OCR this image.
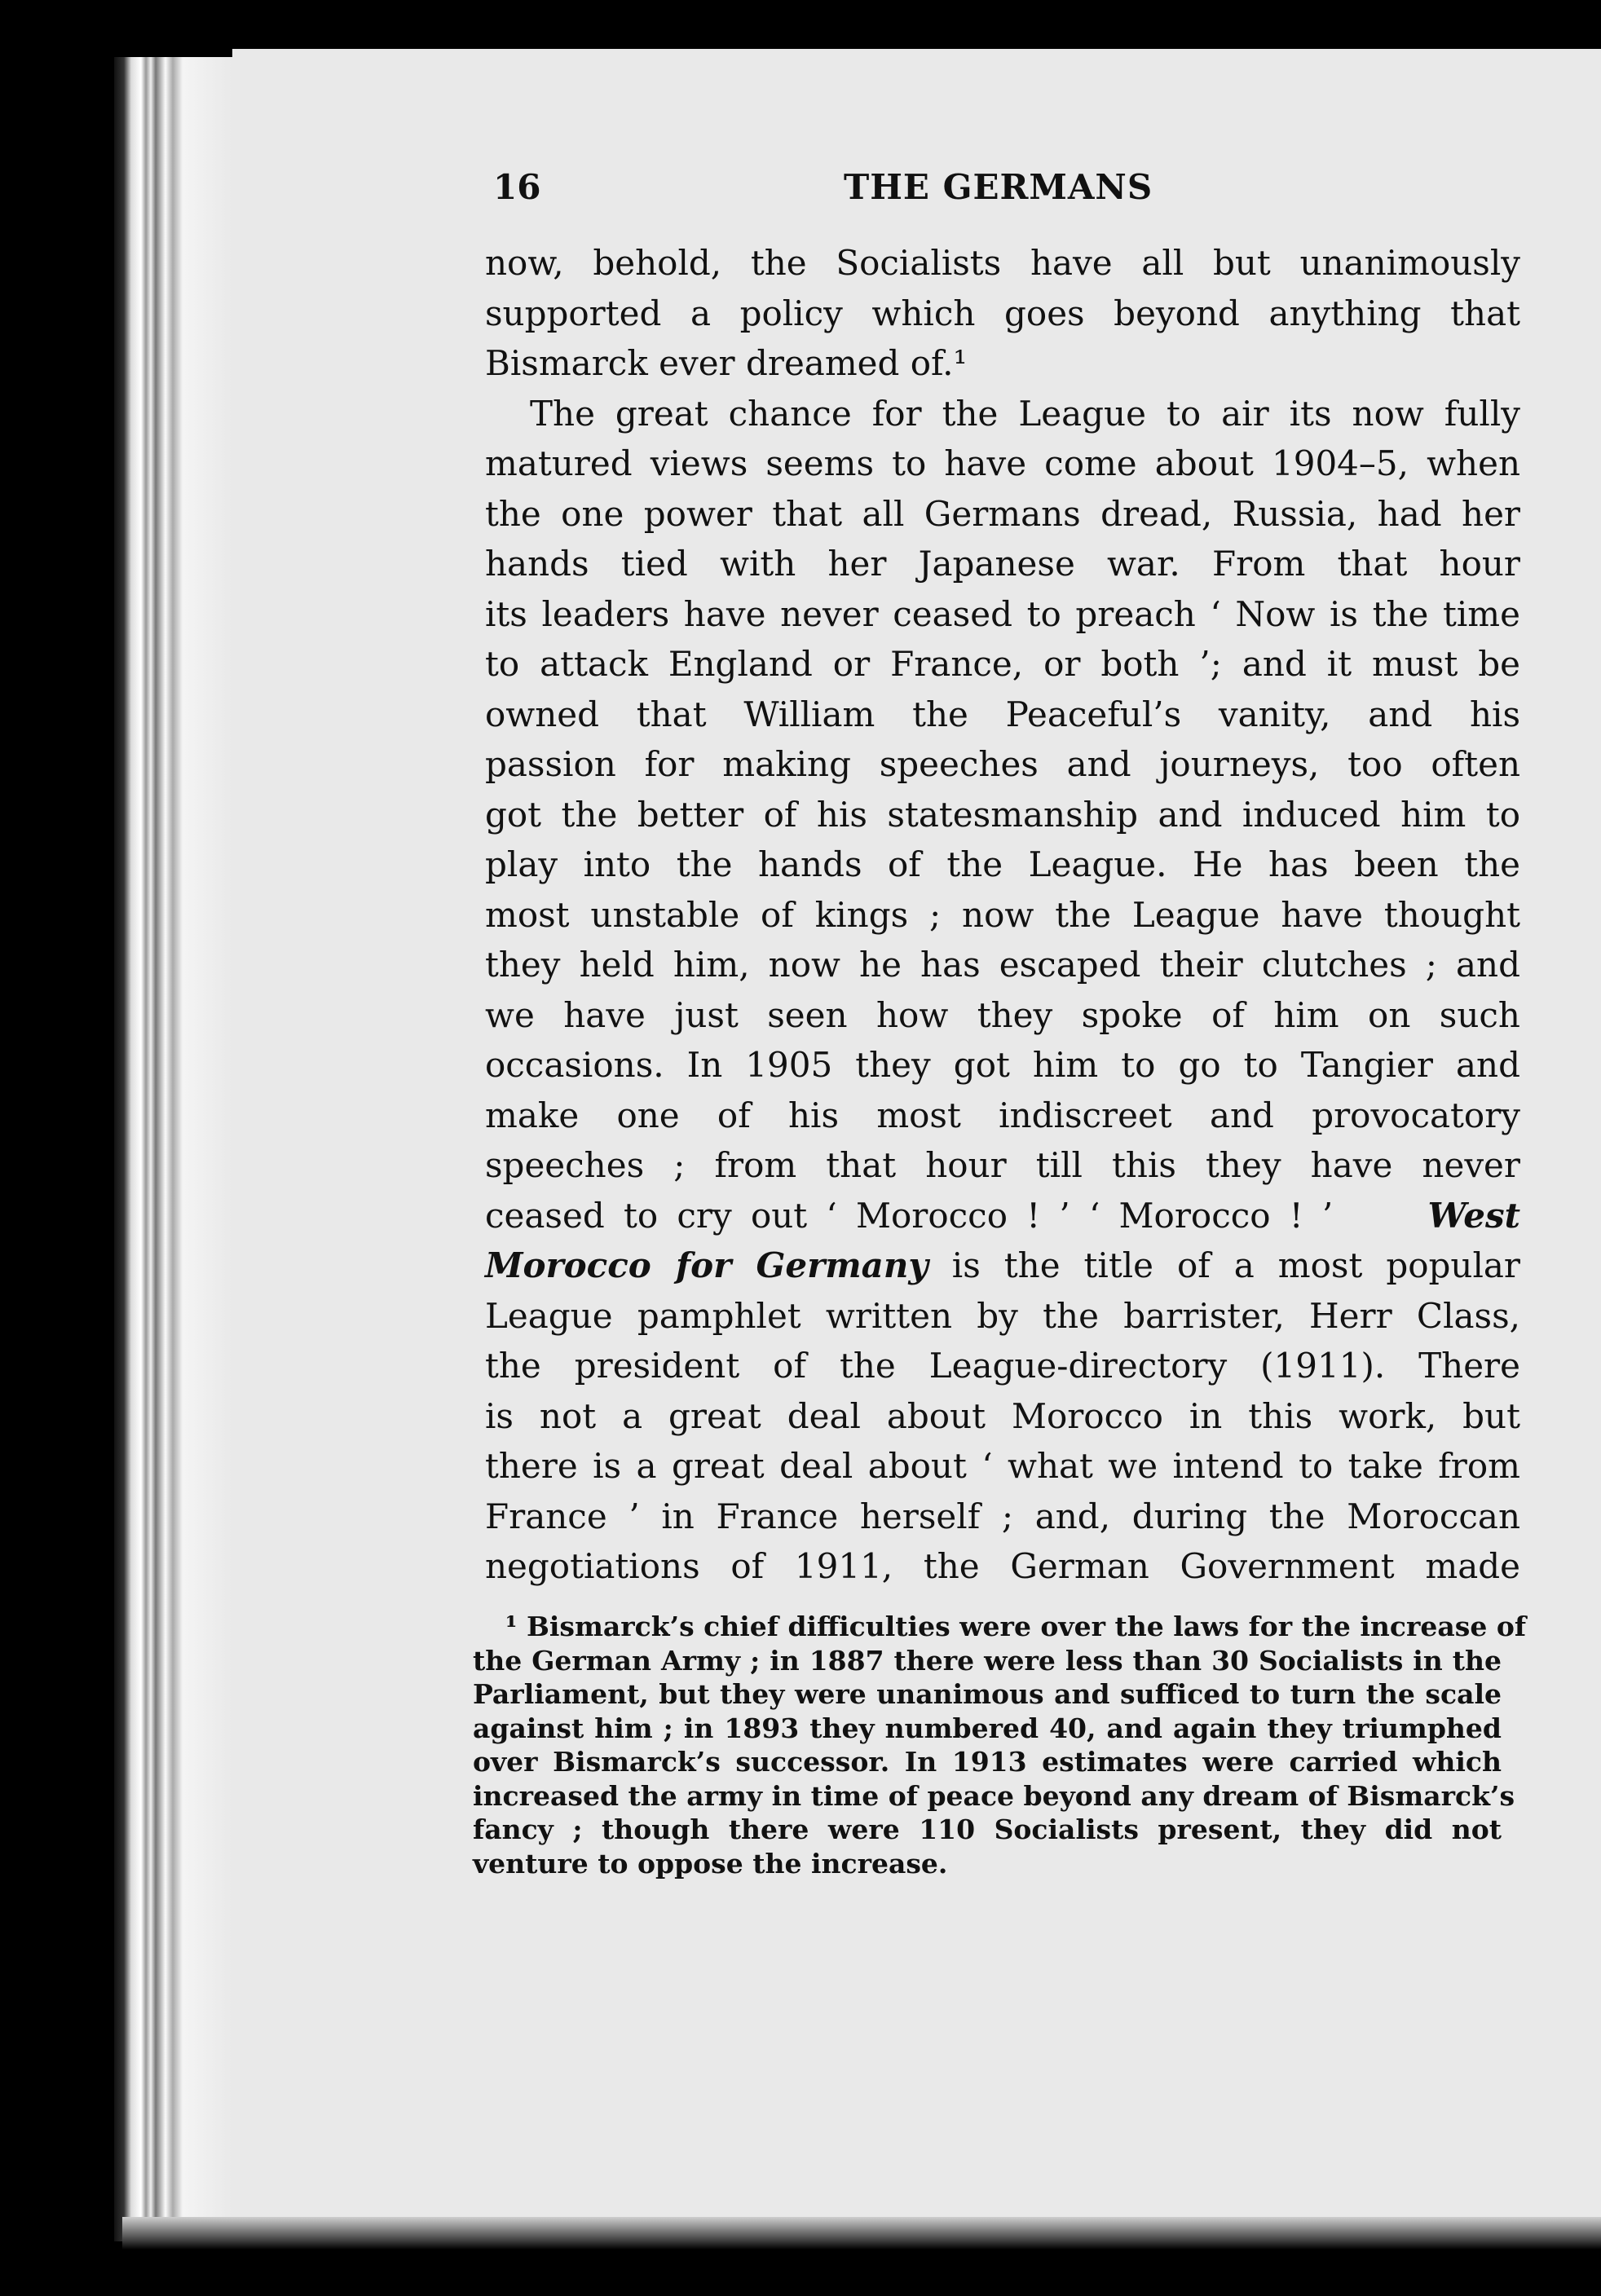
16	THE GERMANS
now, behold, the Socialists have all but unanimously
supported a policy which goes beyond anything that
Bismarck ever dreamed of.¹
The great chance for the League to air its now fully
matured views seems to have come about 1904–5, when
the one power that all Germans dread, Russia, had her
hands tied with her Japanese war. From that hour
its leaders have never ceased to preach ‘ Now is the time
to attack England or France, or both ’; and it must be
owned that William the Peaceful’s vanity, and his
passion for making speeches and journeys, too often
got the better of his statesmanship and induced him to
play into the hands of the League. He has been the
most unstable of kings ; now the League have thought
they held him, now he has escaped their clutches ; and
we have just seen how they spoke of him on such
occasions. In 1905 they got him to go to Tangier and
make one of his most indiscreet and provocatory
speeches ; from that hour till this they have never
ceased to cry out ‘ Morocco ! ’ ‘ Morocco ! ’	West
Morocco for Germany is the title of a most popular
League pamphlet written by the barrister, Herr Class,
the president of the League-directory (1911). There
is not a great deal about Morocco in this work, but
there is a great deal about ‘ what we intend to take from
France ’ in France herself ; and, during the Moroccan
negotiations of 1911, the German Government made
¹ Bismarck’s chief difficulties were over the laws for the increase of
the German Army ; in 1887 there were less than 30 Socialists in the
Parliament, but they were unanimous and sufficed to turn the scale
against him ; in 1893 they numbered 40, and again they triumphed
over Bismarck’s successor. In 1913 estimates were carried which
increased the army in time of peace beyond any dream of Bismarck’s
fancy ; though there were 110 Socialists present, they did not
venture to oppose the increase.
